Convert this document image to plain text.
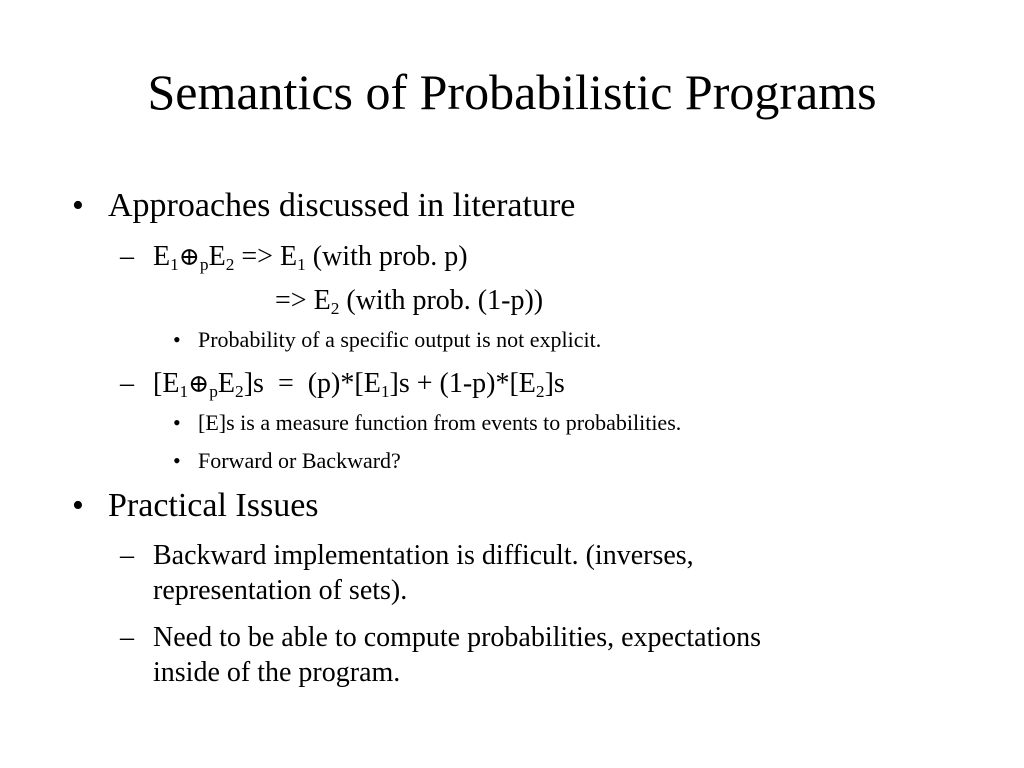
Semantics of Probabilistic Programs
• Approaches discussed in literature
– $E_1\oplus_pE_2 => E_1$ (with prob. p)
=> $E_2$ (with prob. (1-p))
• Probability of a specific output is not explicit.
– $[E_1\oplus_pE_2]s = (p)*[E_1]s + (1-p)*[E_2]s$
• [E]s is a measure function from events to probabilities.
• Forward or Backward?
• Practical Issues
– Backward implementation is difficult. (inverses,
representation of sets).
– Need to be able to compute probabilities, expectations
inside of the program.
